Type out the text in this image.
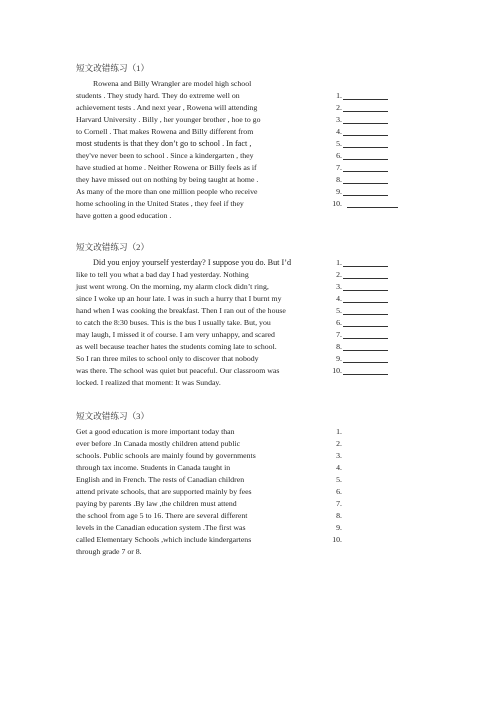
短文改错练习（1）
Rowena and Billy Wrangler are model high school
students . They study hard. They do extreme well on	1.
achievement tests . And next year , Rowena will attending	2.
Harvard University . Billy , her younger brother , hoe to go	3.
to Cornell . That makes Rowena and Billy different from	4.
most students is that they don’t go to school . In fact ,	5.
they've never been to school . Since a kindergarten , they	6.
have studied at home . Neither Rowena or Billy feels as if	7.
they have missed out on nothing by being taught at home .	8.
As many of the more than one million people who receive	9.
home schooling in the United States , they feel if they	10.
have gotten a good education .
短文改错练习（2）
Did you enjoy yourself yesterday? I suppose you do. But I’d	1.
like to tell you what a bad day I had yesterday. Nothing	2.
just went wrong. On the morning, my alarm clock didn’t ring,	3.
since I woke up an hour late. I was in such a hurry that I burnt my	4.
hand when I was cooking the breakfast. Then I ran out of the house	5.
to catch the 8:30 buses. This is the bus I usually take. But, you	6.
may laugh, I missed it of course. I am very unhappy, and scared	7.
as well because teacher hates the students coming late to school.	8.
So I ran three miles to school only to discover that nobody	9.
was there. The school was quiet but peaceful. Our classroom was	10.
locked. I realized that moment: It was Sunday.
短文改错练习（3）
Get a good education is more important today than	1.
ever before .In Canada mostly children attend public	2.
schools. Public schools are mainly found by governments	3.
through tax income. Students in Canada taught in	4.
English and in French. The rests of Canadian children	5.
attend private schools, that are supported mainly by fees	6.
paying by parents .By law ,the children must attend	7.
the school from age 5 to 16. There are several different	8.
levels in the Canadian education system .The first was	9.
called Elementary Schools ,which include kindergartens	10.
through grade 7 or 8.
